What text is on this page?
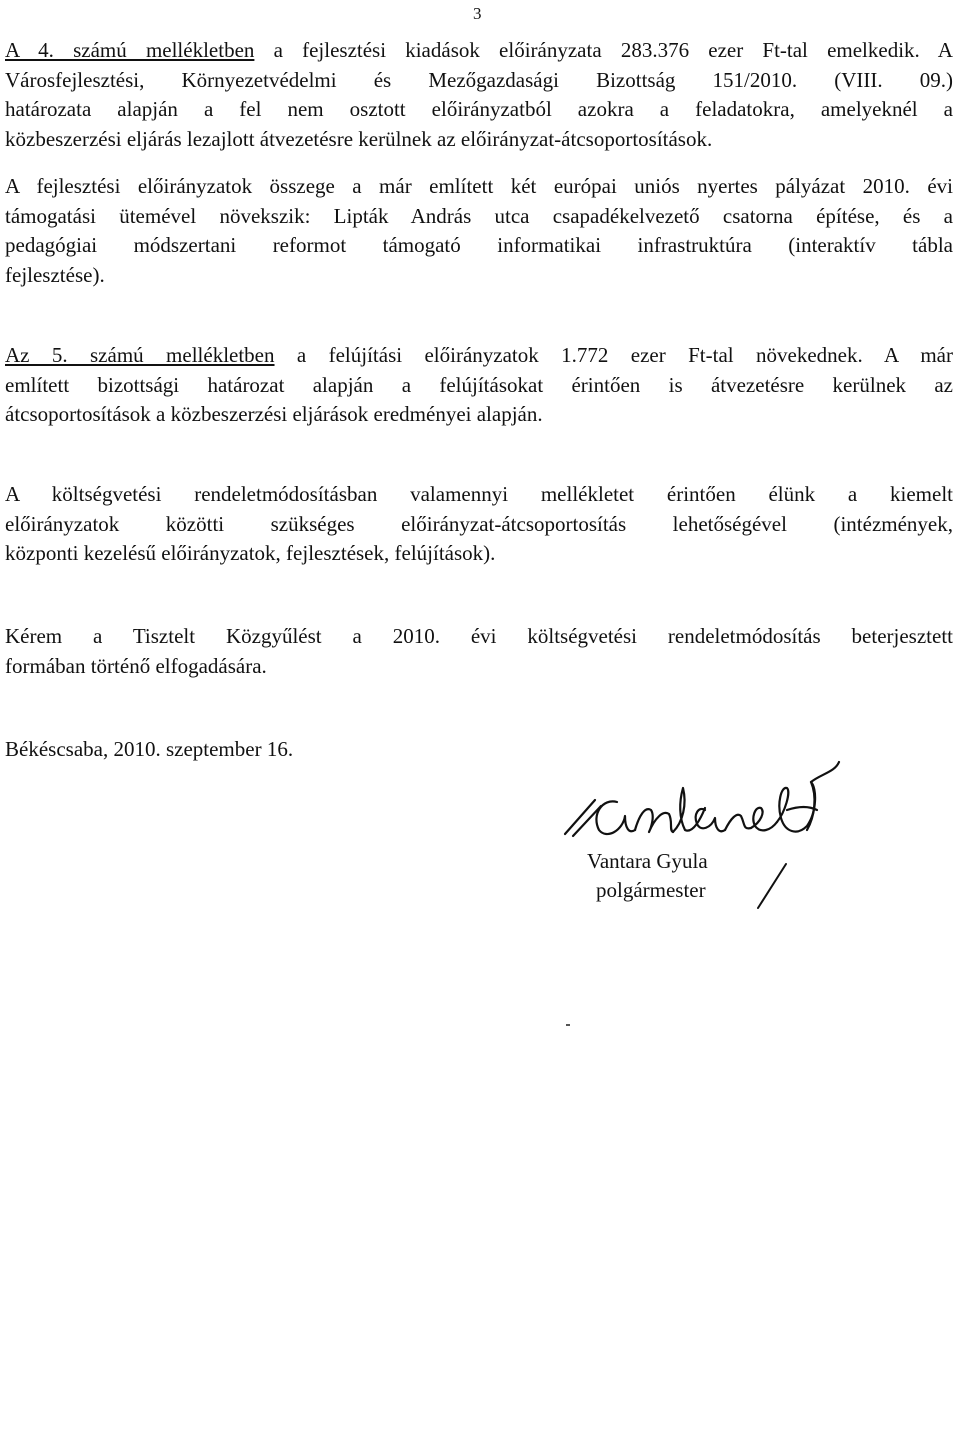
3
A 4. számú mellékletben a fejlesztési kiadások előirányzata 283.376 ezer Ft-tal emelkedik. A
Városfejlesztési, Környezetvédelmi és Mezőgazdasági Bizottság 151/2010. (VIII. 09.)
határozata alapján a fel nem osztott előirányzatból azokra a feladatokra, amelyeknél a
közbeszerzési eljárás lezajlott átvezetésre kerülnek az előirányzat-átcsoportosítások.
A fejlesztési előirányzatok összege a már említett két európai uniós nyertes pályázat 2010. évi
támogatási ütemével növekszik: Lipták András utca csapadékelvezető csatorna építése, és a
pedagógiai módszertani reformot támogató informatikai infrastruktúra (interaktív tábla
fejlesztése).
Az 5. számú mellékletben a felújítási előirányzatok 1.772 ezer Ft-tal növekednek. A már
említett bizottsági határozat alapján a felújításokat érintően is átvezetésre kerülnek az
átcsoportosítások a közbeszerzési eljárások eredményei alapján.
A költségvetési rendeletmódosításban valamennyi mellékletet érintően élünk a kiemelt
előirányzatok közötti szükséges előirányzat-átcsoportosítás lehetőségével (intézmények,
központi kezelésű előirányzatok, fejlesztések, felújítások).
Kérem a Tisztelt Közgyűlést a 2010. évi költségvetési rendeletmódosítás beterjesztett
formában történő elfogadására.
Békéscsaba, 2010. szeptember 16.
Vantara Gyula
polgármester
